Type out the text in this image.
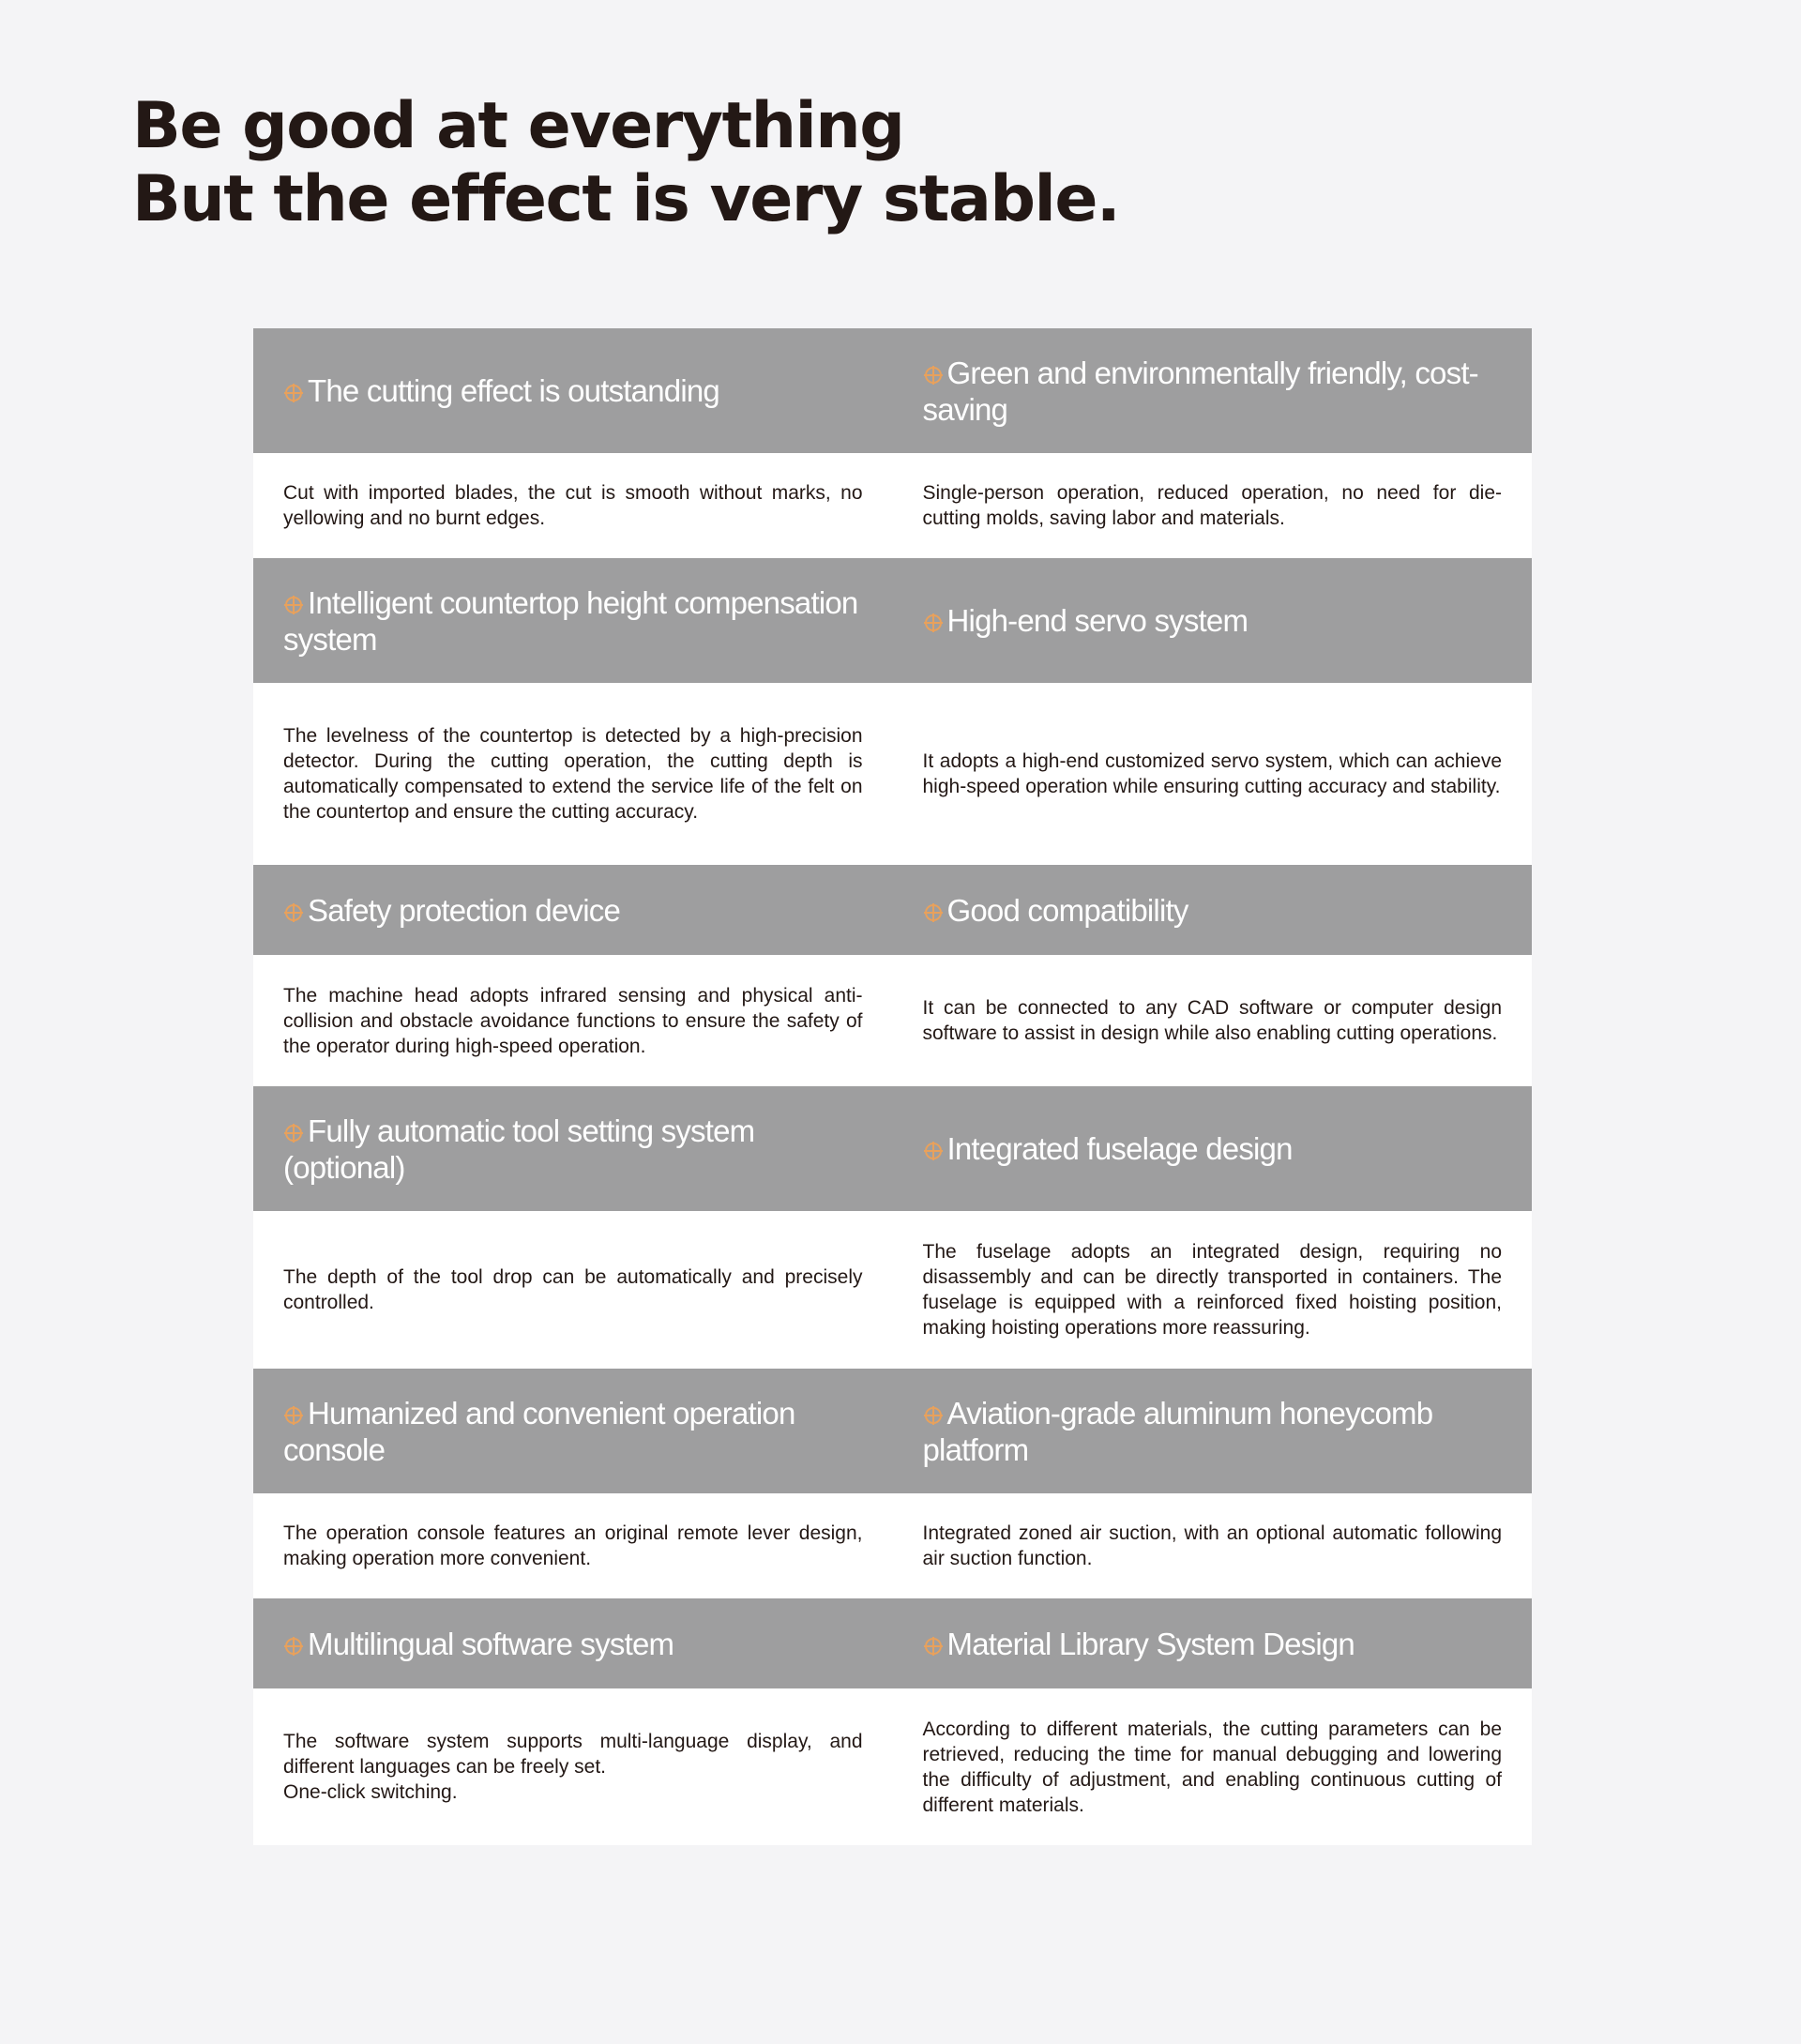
Be good at everything
But the effect is very stable.
The cutting effect is outstanding
Green and environmentally friendly, cost-saving
Cut with imported blades, the cut is smooth without marks, no yellowing and no burnt edges.
Single-person operation, reduced operation, no need for die-cutting molds, saving labor and materials.
Intelligent countertop height compensation system
High-end servo system
The levelness of the countertop is detected by a high-precision detector. During the cutting operation, the cutting depth is automatically compensated to extend the service life of the felt on the countertop and ensure the cutting accuracy.
It adopts a high-end customized servo system, which can achieve high-speed operation while ensuring cutting accuracy and stability.
Safety protection device	Good compatibility
The machine head adopts infrared sensing and physical anti-collision and obstacle avoidance functions to ensure the safety of the operator during high-speed operation.
It can be connected to any CAD software or computer design software to assist in design while also enabling cutting operations.
Fully automatic tool setting system (optional)
Integrated fuselage design
The depth of the tool drop can be automatically and precisely controlled.
The fuselage adopts an integrated design, requiring no disassembly and can be directly transported in containers. The fuselage is equipped with a reinforced fixed hoisting position, making hoisting operations more reassuring.
Humanized and convenient operation console
Aviation-grade aluminum honeycomb platform
The operation console features an original remote lever design, making operation more convenient.
Integrated zoned air suction, with an optional automatic following air suction function.
Multilingual software system	Material Library System Design
The software system supports multi-language display, and different languages can be freely set.
One-click switching.
According to different materials, the cutting parameters can be retrieved, reducing the time for manual debugging and lowering the difficulty of adjustment, and enabling continuous cutting of different materials.
